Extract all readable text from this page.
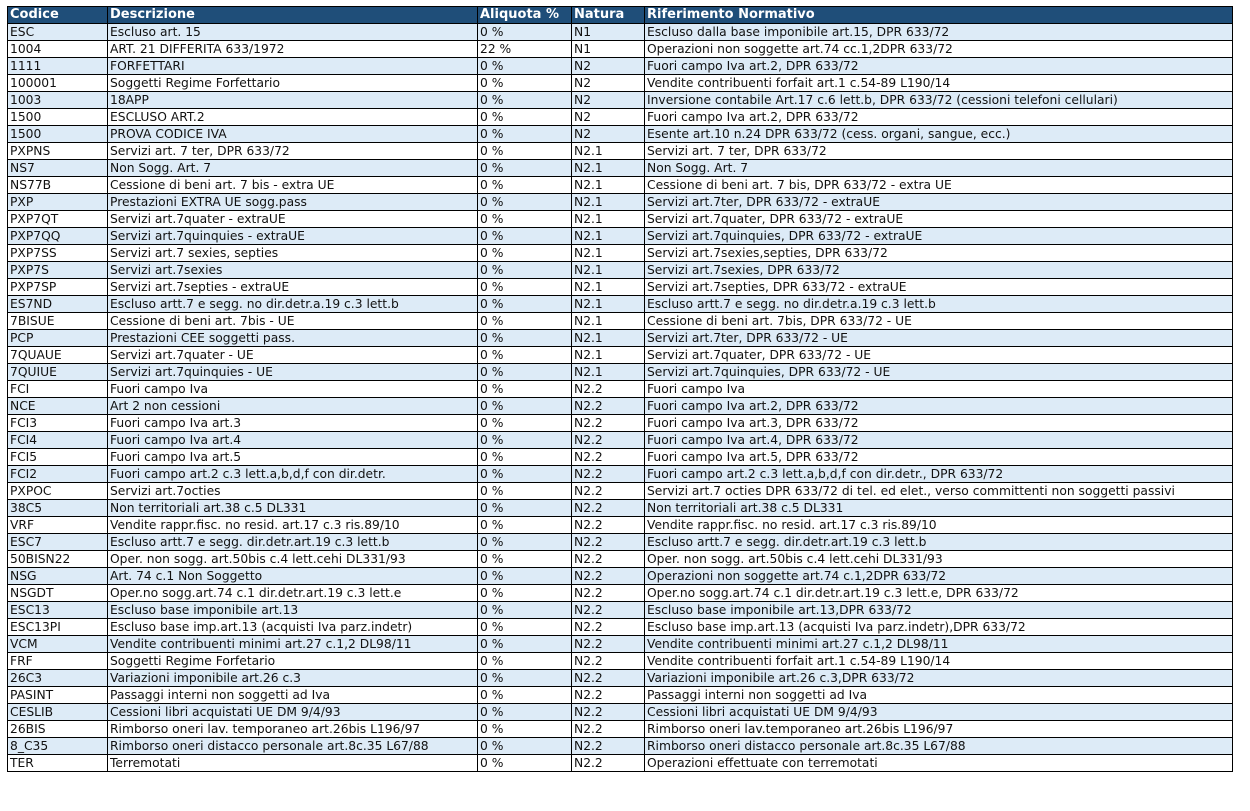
Codice	Descrizione	Aliquota %	Natura	Riferimento Normativo
ESC	Escluso art. 15	0 %	N1	Escluso dalla base imponibile art.15, DPR 633/72
1004	ART. 21 DIFFERITA 633/1972	22 %	N1	Operazioni non soggette art.74 cc.1,2DPR 633/72
1111	FORFETTARI	0 %	N2	Fuori campo Iva art.2, DPR 633/72
100001	Soggetti Regime Forfettario	0 %	N2	Vendite contribuenti forfait art.1 c.54-89 L190/14
1003	18APP	0 %	N2	Inversione contabile Art.17 c.6 lett.b, DPR 633/72 (cessioni telefoni cellulari)
1500	ESCLUSO ART.2	0 %	N2	Fuori campo Iva art.2, DPR 633/72
1500	PROVA CODICE IVA	0 %	N2	Esente art.10 n.24 DPR 633/72 (cess. organi, sangue, ecc.)
PXPNS	Servizi art. 7 ter, DPR 633/72	0 %	N2.1	Servizi art. 7 ter, DPR 633/72
NS7	Non Sogg. Art. 7	0 %	N2.1	Non Sogg. Art. 7
NS77B	Cessione di beni art. 7 bis - extra UE	0 %	N2.1	Cessione di beni art. 7 bis, DPR 633/72 - extra UE
PXP	Prestazioni EXTRA UE sogg.pass	0 %	N2.1	Servizi art.7ter, DPR 633/72 - extraUE
PXP7QT	Servizi art.7quater - extraUE	0 %	N2.1	Servizi art.7quater, DPR 633/72 - extraUE
PXP7QQ	Servizi art.7quinquies - extraUE	0 %	N2.1	Servizi art.7quinquies, DPR 633/72 - extraUE
PXP7SS	Servizi art.7 sexies, septies	0 %	N2.1	Servizi art.7sexies,septies, DPR 633/72
PXP7S	Servizi art.7sexies	0 %	N2.1	Servizi art.7sexies, DPR 633/72
PXP7SP	Servizi art.7septies - extraUE	0 %	N2.1	Servizi art.7septies, DPR 633/72 - extraUE
ES7ND	Escluso artt.7 e segg. no dir.detr.a.19 c.3 lett.b	0 %	N2.1	Escluso artt.7 e segg. no dir.detr.a.19 c.3 lett.b
7BISUE	Cessione di beni art. 7bis - UE	0 %	N2.1	Cessione di beni art. 7bis, DPR 633/72 - UE
PCP	Prestazioni CEE soggetti pass.	0 %	N2.1	Servizi art.7ter, DPR 633/72 - UE
7QUAUE	Servizi art.7quater - UE	0 %	N2.1	Servizi art.7quater, DPR 633/72 - UE
7QUIUE	Servizi art.7quinquies - UE	0 %	N2.1	Servizi art.7quinquies, DPR 633/72 - UE
FCI	Fuori campo Iva	0 %	N2.2	Fuori campo Iva
NCE	Art 2 non cessioni	0 %	N2.2	Fuori campo Iva art.2, DPR 633/72
FCI3	Fuori campo Iva art.3	0 %	N2.2	Fuori campo Iva art.3, DPR 633/72
FCI4	Fuori campo Iva art.4	0 %	N2.2	Fuori campo Iva art.4, DPR 633/72
FCI5	Fuori campo Iva art.5	0 %	N2.2	Fuori campo Iva art.5, DPR 633/72
FCI2	Fuori campo art.2 c.3 lett.a,b,d,f con dir.detr.	0 %	N2.2	Fuori campo art.2 c.3 lett.a,b,d,f con dir.detr., DPR 633/72
PXPOC	Servizi art.7octies	0 %	N2.2	Servizi art.7 octies DPR 633/72 di tel. ed elet., verso committenti non soggetti passivi
38C5	Non territoriali art.38 c.5 DL331	0 %	N2.2	Non territoriali art.38 c.5 DL331
VRF	Vendite rappr.fisc. no resid. art.17 c.3 ris.89/10	0 %	N2.2	Vendite rappr.fisc. no resid. art.17 c.3 ris.89/10
ESC7	Escluso artt.7 e segg. dir.detr.art.19 c.3 lett.b	0 %	N2.2	Escluso artt.7 e segg. dir.detr.art.19 c.3 lett.b
50BISN22	Oper. non sogg. art.50bis c.4 lett.cehi DL331/93	0 %	N2.2	Oper. non sogg. art.50bis c.4 lett.cehi DL331/93
NSG	Art. 74 c.1 Non Soggetto	0 %	N2.2	Operazioni non soggette art.74 c.1,2DPR 633/72
NSGDT	Oper.no sogg.art.74 c.1 dir.detr.art.19 c.3 lett.e	0 %	N2.2	Oper.no sogg.art.74 c.1 dir.detr.art.19 c.3 lett.e, DPR 633/72
ESC13	Escluso base imponibile art.13	0 %	N2.2	Escluso base imponibile art.13,DPR 633/72
ESC13PI	Escluso base imp.art.13 (acquisti Iva parz.indetr)	0 %	N2.2	Escluso base imp.art.13 (acquisti Iva parz.indetr),DPR 633/72
VCM	Vendite contribuenti minimi art.27 c.1,2 DL98/11	0 %	N2.2	Vendite contribuenti minimi art.27 c.1,2 DL98/11
FRF	Soggetti Regime Forfetario	0 %	N2.2	Vendite contribuenti forfait art.1 c.54-89 L190/14
26C3	Variazioni imponibile art.26 c.3	0 %	N2.2	Variazioni imponibile art.26 c.3,DPR 633/72
PASINT	Passaggi interni non soggetti ad Iva	0 %	N2.2	Passaggi interni non soggetti ad Iva
CESLIB	Cessioni libri acquistati UE DM 9/4/93	0 %	N2.2	Cessioni libri acquistati UE DM 9/4/93
26BIS	Rimborso oneri lav. temporaneo art.26bis L196/97	0 %	N2.2	Rimborso oneri lav.temporaneo art.26bis L196/97
8_C35	Rimborso oneri distacco personale art.8c.35 L67/88	0 %	N2.2	Rimborso oneri distacco personale art.8c.35 L67/88
TER	Terremotati	0 %	N2.2	Operazioni effettuate con terremotati
